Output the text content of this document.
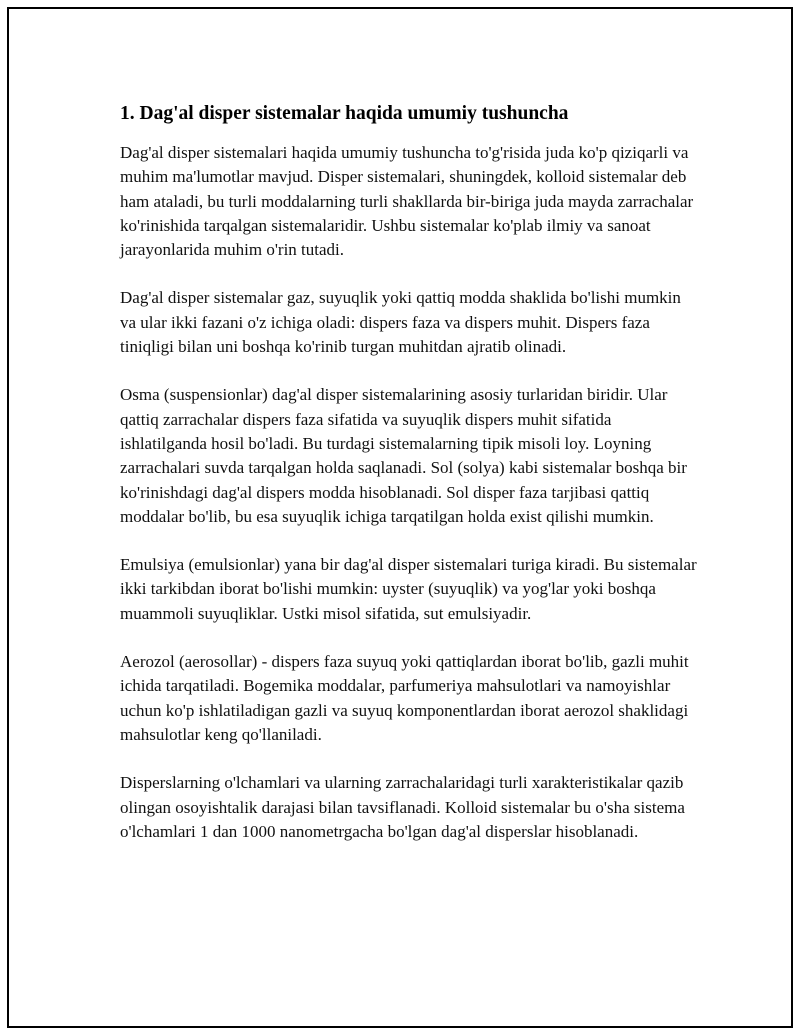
1. Dag'al disper sistemalar haqida umumiy tushuncha

Dag'al disper sistemalari haqida umumiy tushuncha to'g'risida juda ko'p qiziqarli va muhim ma'lumotlar mavjud. Disper sistemalari, shuningdek, kolloid sistemalar deb ham ataladi, bu turli moddalarning turli shakllarda bir-biriga juda mayda zarrachalar ko'rinishida tarqalgan sistemalaridir. Ushbu sistemalar ko'plab ilmiy va sanoat jarayonlarida muhim o'rin tutadi.

Dag'al disper sistemalar gaz, suyuqlik yoki qattiq modda shaklida bo'lishi mumkin va ular ikki fazani o'z ichiga oladi: dispers faza va dispers muhit. Dispers faza tiniqligi bilan uni boshqa ko'rinib turgan muhitdan ajratib olinadi.

Osma (suspensionlar) dag'al disper sistemalarining asosiy turlaridan biridir. Ular qattiq zarrachalar dispers faza sifatida va suyuqlik dispers muhit sifatida ishlatilganda hosil bo'ladi. Bu turdagi sistemalarning tipik misoli loy. Loyning zarrachalari suvda tarqalgan holda saqlanadi. Sol (solya) kabi sistemalar boshqa bir ko'rinishdagi dag'al dispers modda hisoblanadi. Sol disper faza tarjibasi qattiq moddalar bo'lib, bu esa suyuqlik ichiga tarqatilgan holda exist qilishi mumkin.

Emulsiya (emulsionlar) yana bir dag'al disper sistemalari turiga kiradi. Bu sistemalar ikki tarkibdan iborat bo'lishi mumkin: uyster (suyuqlik) va yog'lar yoki boshqa muammoli suyuqliklar. Ustki misol sifatida, sut emulsiyadir.

Aerozol (aerosollar) - dispers faza suyuq yoki qattiqlardan iborat bo'lib, gazli muhit ichida tarqatiladi. Bogemika moddalar, parfumeriya mahsulotlari va namoyishlar uchun ko'p ishlatiladigan gazli va suyuq komponentlardan iborat aerozol shaklidagi mahsulotlar keng qo'llaniladi.

Disperslarning o'lchamlari va ularning zarrachalaridagi turli xarakteristikalar qazib olingan osoyishtalik darajasi bilan tavsiflanadi. Kolloid sistemalar bu o'sha sistema o'lchamlari 1 dan 1000 nanometrgacha bo'lgan dag'al disperslar hisoblanadi.
